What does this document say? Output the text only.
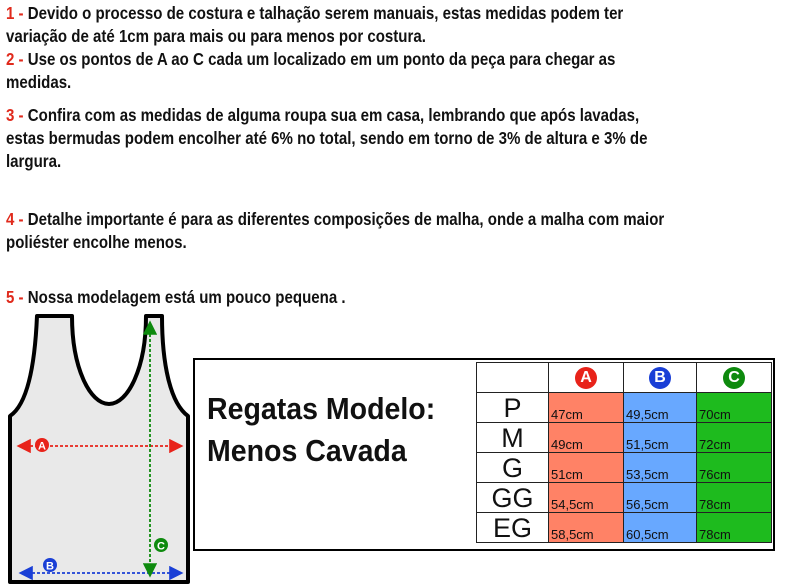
1 - Devido o processo de costura e talhação serem manuais, estas medidas podem ter variação de até 1cm para mais ou para menos por costura.
2 - Use os pontos de A ao C cada um localizado em um ponto da peça para chegar as medidas.
3 - Confira com as medidas de alguma roupa sua em casa, lembrando que após lavadas, estas bermudas podem encolher até 6% no total, sendo em torno de 3% de altura e 3% de largura.
4 - Detalhe importante é para as diferentes composições de malha, onde a malha com maior poliéster encolhe menos.
5 - Nossa modelagem está um pouco pequena .
A
B
C
Regatas Modelo:
Menos Cavada
	A	B	C
P	47cm	49,5cm	70cm
M	49cm	51,5cm	72cm
G	51cm	53,5cm	76cm
GG	54,5cm	56,5cm	78cm
EG	58,5cm	60,5cm	78cm
